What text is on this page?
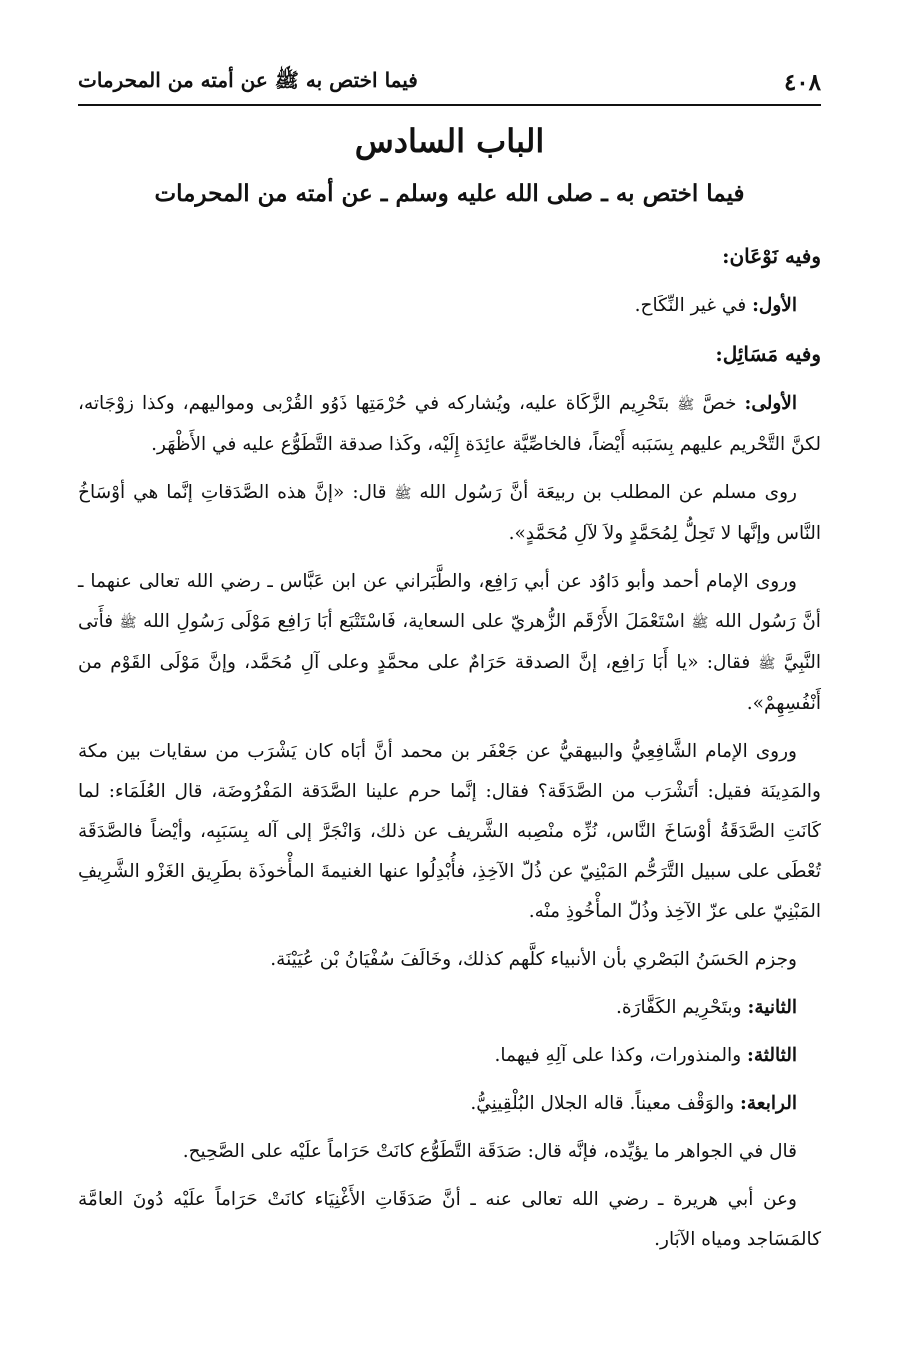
٤٠٨
فيما اختص به ﷺ عن أمته من المحرمات
الباب السادس
فيما اختص به ـ صلى الله عليه وسلم ـ عن أمته من المحرمات

وفيه نَوْعَان:

الأول: في غير النِّكَاح.

وفيه مَسَائِل:

الأولى: خصَّ ﷺ بتَحْرِيم الزَّكَاة عليه، ويُشاركه في حُرْمَتِها ذَوُو القُرْبى ومواليهم، وكذا زوْجَاته، لكنَّ التَّحْريم عليهم بِسَبَبه أَيْضاً، فالخاصِّيَّة عائِدَة إِلَيْه، وكَذا صدقة التَّطَوُّع عليه في الأَظْهَر.

روى مسلم عن المطلب بن ربيعَة أنَّ رَسُول الله ﷺ قال: «إنَّ هذه الصَّدَقاتِ إنَّما هي أوْسَاخُ النَّاس وإنَّها لا تَحِلُّ لِمُحَمَّدٍ ولاَ لآلِ مُحَمَّدٍ».

وروى الإمام أحمد وأبو دَاوُد عن أبي رَافِع، والطَّبَراني عن ابن عَبَّاس ـ رضي الله تعالى عنهما ـ أنَّ رَسُول الله ﷺ اسْتَعْمَلَ الأَرْقَم الزُّهريّ على السعاية، فَاسْتَتْبَع أبَا رَافِع مَوْلَى رَسُولِ الله ﷺ فأَتى النَّبِيَّ ﷺ فقال: «يا أَبَا رَافِع، إنَّ الصدقة حَرَامٌ على محمَّدٍ وعلى آلِ مُحَمَّد، وإنَّ مَوْلَى القَوْم من أَنْفُسِهِمْ».

وروى الإمام الشَّافِعِيُّ والبيهقيُّ عن جَعْفَر بن محمد أنَّ أبَاه كان يَشْرَب من سقايات بين مكة والمَدِينَة فقيل: أتَشْرَب من الصَّدَقَة؟ فقال: إنَّما حرم علينا الصَّدَقة المَفْرُوضَة، قال العُلَمَاء: لما كَانَتِ الصَّدَقَةُ أوْسَاخَ النَّاس، نُزِّه منْصِبه الشَّريف عن ذلك، وَانْجَرَّ إلى آله بِسَبَبِه، وأيْضاً فالصَّدَقَة تُعْطَى على سبيل التَّرَحُّم المَبْنِيّ عن ذُلّ الآخِذِ، فأُبْدِلُوا عنها الغنيمةَ المأْخوذَة بطَرِيق الغَزْو الشَّرِيفِ المَبْنِيّ على عزّ الآخِذ وذُلّ المأْخُوذِ منْه.

وجزم الحَسَنُ البَصْري بأن الأنبياء كلَّهم كذلك، وخَالَفَ سُفْيَانُ بْن عُيَيْنَة.

الثانية: وبتَحْرِيم الكَفَّارَة.

الثالثة: والمنذورات، وكذا على آلِهِ فيهما.

الرابعة: والوَقْف معيناً. قاله الجلال البُلْقِينِيُّ.

قال في الجواهر ما يؤيِّده، فإنَّه قال: صَدَقَة التَّطَوُّع كانَتْ حَرَاماً علَيْه على الصَّحِيح.

وعن أبي هريرة ـ رضي الله تعالى عنه ـ أنَّ صَدَقَاتِ الأَغْنِيَاء كانَتْ حَرَاماً علَيْه دُونَ العامَّة كالمَسَاجد ومياه الآبَار.
